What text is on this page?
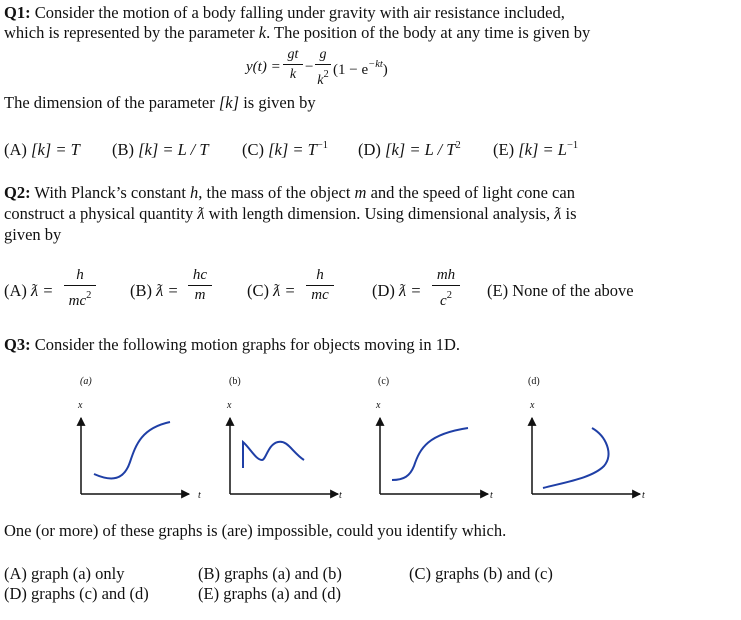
Q1: Consider the motion of a body falling under gravity with air resistance included,
which is represented by the parameter k. The position of the body at any time is given by
y(t) =
gt
k −
g
$k^2$ $(1 - e^{-kt})$
The dimension of the parameter [k] is given by
(A) [k] = T (B) [k] = L / T (C) $[k] = T^{-1}$ (D) $[k] = L / T^2$ (E) $[k] = L^{-1}$
Q2: With Planck’s constant h, the mass of the object m and the speed of light cone can
construct a physical quantity ƛ with length dimension. Using dimensional analysis, ƛ is
given by
(A) ƛ =
h
$mc^2$ (B) ƛ =
hc
m	(C) ƛ =
h
mc	(D) ƛ =
mh
$c^2$	(E) None of the above
Q3: Consider the following motion graphs for objects moving in 1D.
(a)	(b)	(c)	(d)
x	x	x	x
t	t	t	t
One (or more) of these graphs is (are) impossible, could you identify which.
(A) graph (a) only	(B) graphs (a) and (b)	(C) graphs (b) and (c)
(D) graphs (c) and (d)	(E) graphs (a) and (d)
